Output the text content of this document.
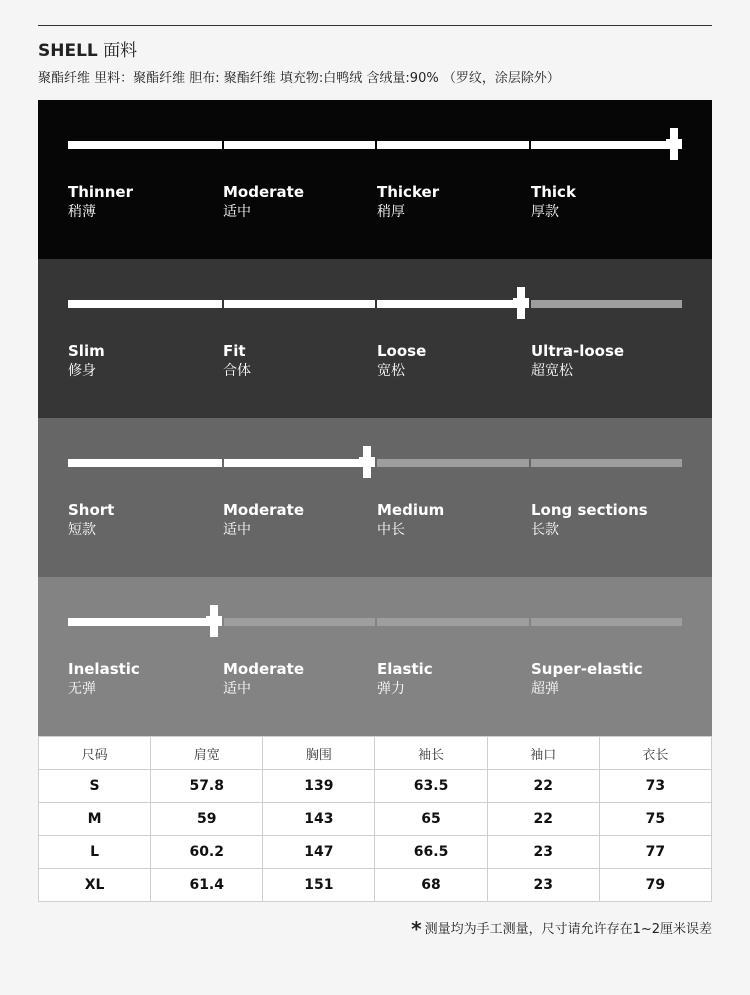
SHELL 面料
聚酯纤维 里料：聚酯纤维 胆布: 聚酯纤维 填充物:白鸭绒 含绒量:90% （罗纹，涂层除外）
Thinner
稍薄
Moderate
适中
Thicker
稍厚
Thick
厚款
Slim
修身
Fit
合体
Loose
宽松
Ultra-loose
超宽松
Short
短款
Moderate
适中
Medium
中长
Long sections
长款
Inelastic
无弹
Moderate
适中
Elastic
弹力
Super-elastic
超弹
尺码	肩宽	胸围	袖长	袖口	衣长
S	57.8	139	63.5	22	73
M	59	143	65	22	75
L	60.2	147	66.5	23	77
XL	61.4	151	68	23	79
* 测量均为手工测量，尺寸请允许存在1~2厘米误差
